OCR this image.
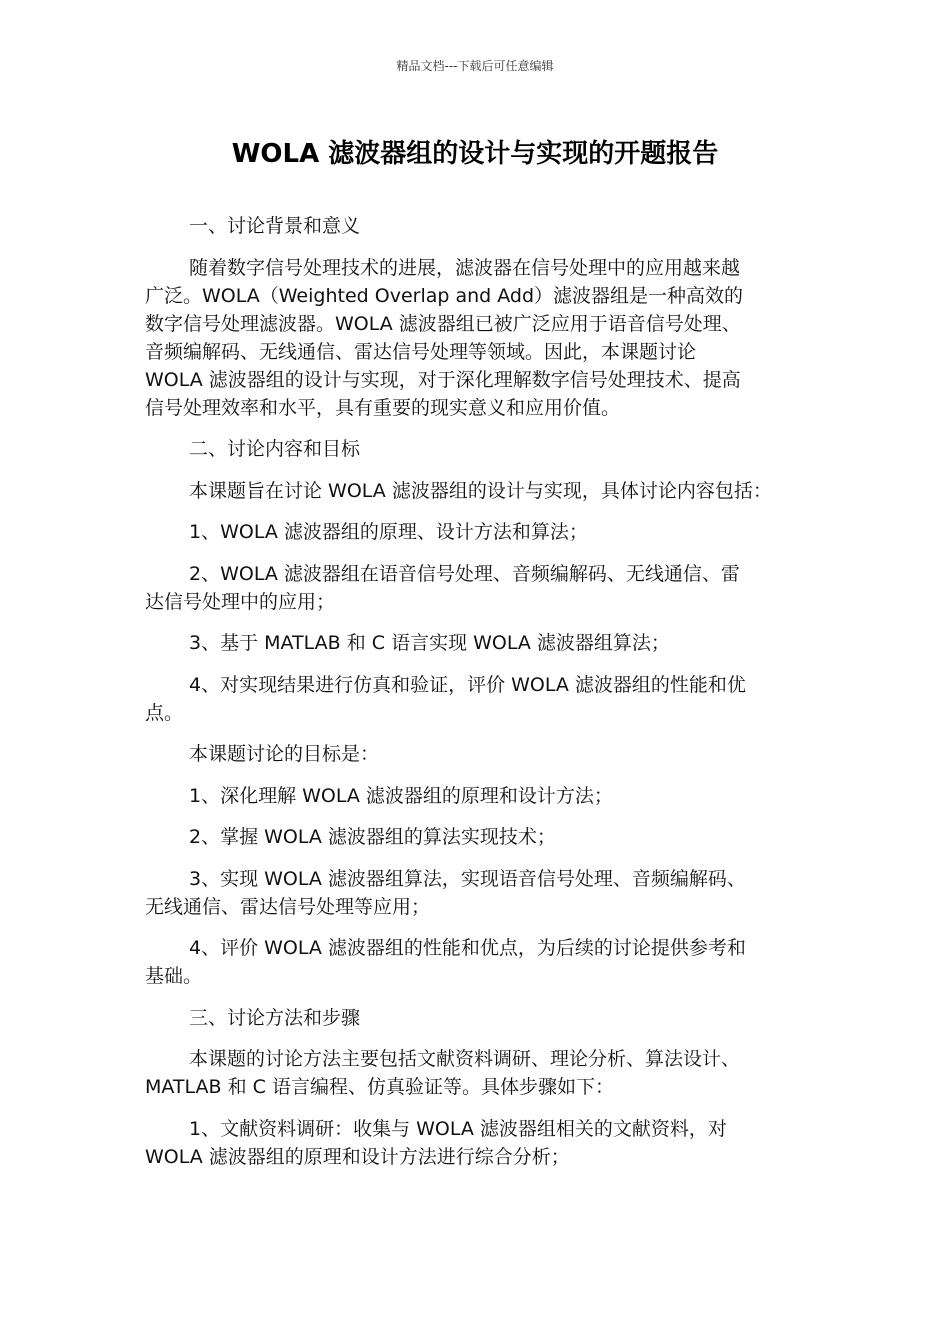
精品文档---下载后可任意编辑
WOLA 滤波器组的设计与实现的开题报告

一、讨论背景和意义

随着数字信号处理技术的进展，滤波器在信号处理中的应用越来越
广泛。WOLA（Weighted Overlap and Add）滤波器组是一种高效的
数字信号处理滤波器。WOLA 滤波器组已被广泛应用于语音信号处理、
音频编解码、无线通信、雷达信号处理等领域。因此，本课题讨论
WOLA 滤波器组的设计与实现，对于深化理解数字信号处理技术、提高
信号处理效率和水平，具有重要的现实意义和应用价值。

二、讨论内容和目标

本课题旨在讨论 WOLA 滤波器组的设计与实现，具体讨论内容包括：

1、WOLA 滤波器组的原理、设计方法和算法；

2、WOLA 滤波器组在语音信号处理、音频编解码、无线通信、雷
达信号处理中的应用；

3、基于 MATLAB 和 C 语言实现 WOLA 滤波器组算法；

4、对实现结果进行仿真和验证，评价 WOLA 滤波器组的性能和优
点。

本课题讨论的目标是：

1、深化理解 WOLA 滤波器组的原理和设计方法；

2、掌握 WOLA 滤波器组的算法实现技术；

3、实现 WOLA 滤波器组算法，实现语音信号处理、音频编解码、
无线通信、雷达信号处理等应用；

4、评价 WOLA 滤波器组的性能和优点，为后续的讨论提供参考和
基础。

三、讨论方法和步骤

本课题的讨论方法主要包括文献资料调研、理论分析、算法设计、
MATLAB 和 C 语言编程、仿真验证等。具体步骤如下：

1、文献资料调研：收集与 WOLA 滤波器组相关的文献资料，对
WOLA 滤波器组的原理和设计方法进行综合分析；
